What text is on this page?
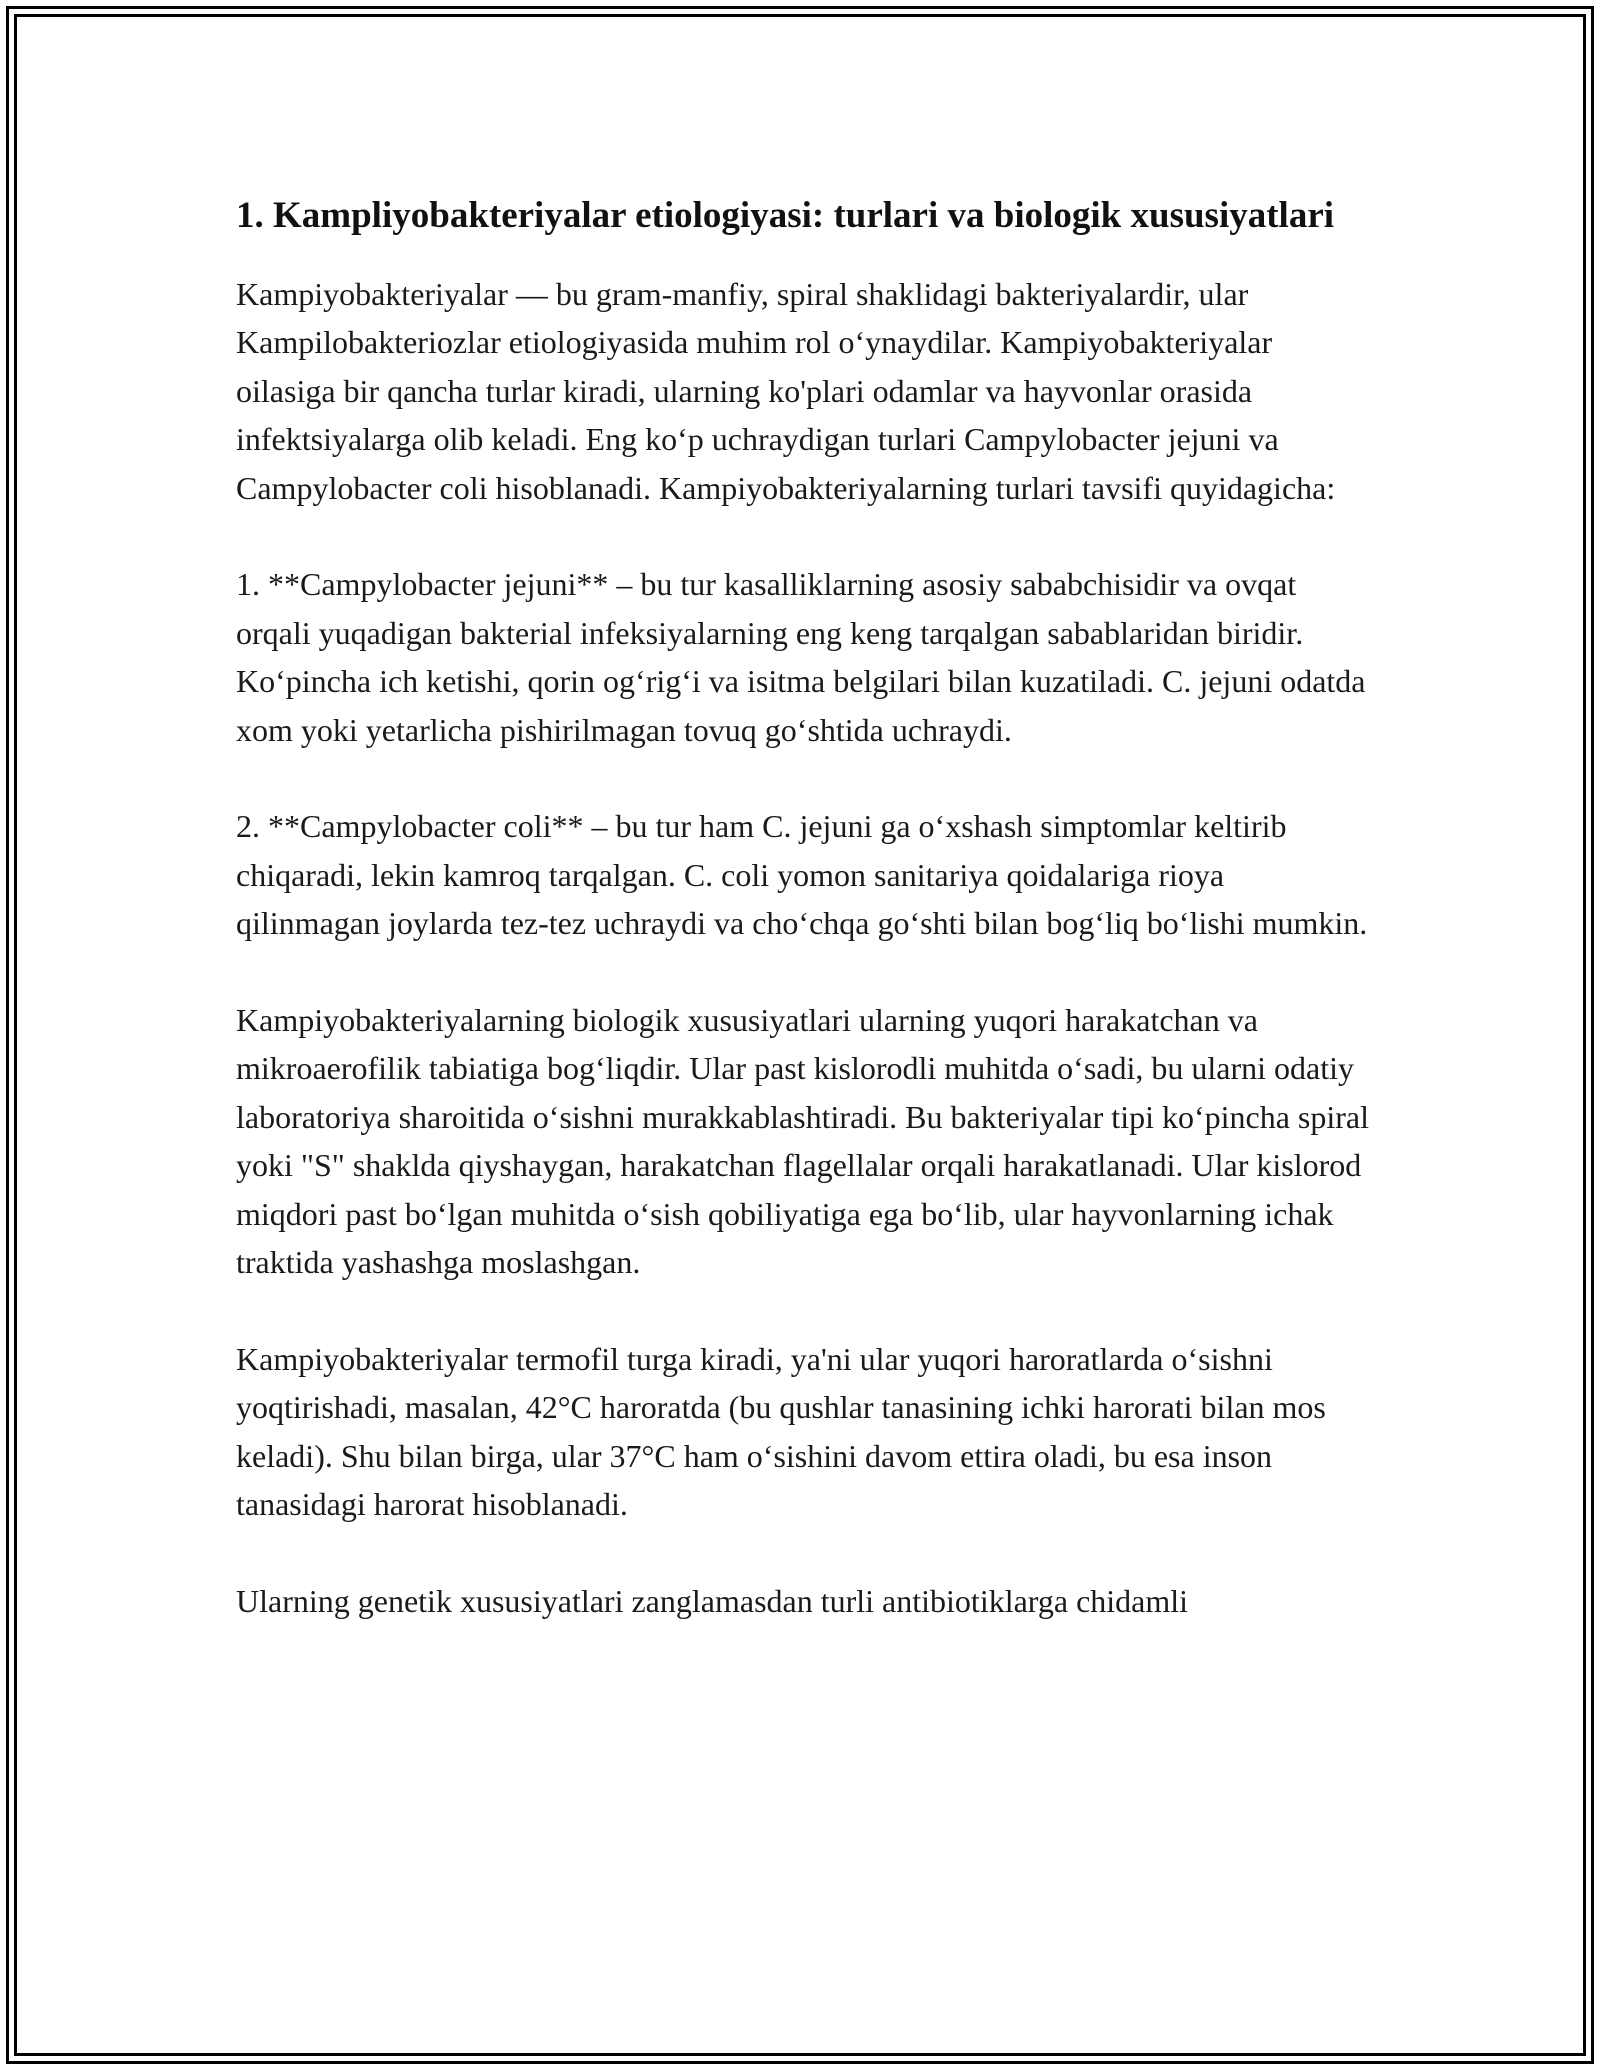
1. Kampliyobakteriyalar etiologiyasi: turlari va biologik xususiyatlari

Kampiyobakteriyalar — bu gram-manfiy, spiral shaklidagi bakteriyalardir, ular Kampilobakteriozlar etiologiyasida muhim rol o‘ynaydilar. Kampiyobakteriyalar oilasiga bir qancha turlar kiradi, ularning ko'plari odamlar va hayvonlar orasida infektsiyalarga olib keladi. Eng ko‘p uchraydigan turlari Campylobacter jejuni va Campylobacter coli hisoblanadi. Kampiyobakteriyalarning turlari tavsifi quyidagicha:

1. **Campylobacter jejuni** – bu tur kasalliklarning asosiy sababchisidir va ovqat orqali yuqadigan bakterial infeksiyalarning eng keng tarqalgan sabablaridan biridir. Ko‘pincha ich ketishi, qorin og‘rig‘i va isitma belgilari bilan kuzatiladi. C. jejuni odatda xom yoki yetarlicha pishirilmagan tovuq go‘shtida uchraydi.

2. **Campylobacter coli** – bu tur ham C. jejuni ga o‘xshash simptomlar keltirib chiqaradi, lekin kamroq tarqalgan. C. coli yomon sanitariya qoidalariga rioya qilinmagan joylarda tez-tez uchraydi va cho‘chqa go‘shti bilan bog‘liq bo‘lishi mumkin.

Kampiyobakteriyalarning biologik xususiyatlari ularning yuqori harakatchan va mikroaerofilik tabiatiga bog‘liqdir. Ular past kislorodli muhitda o‘sadi, bu ularni odatiy laboratoriya sharoitida o‘sishni murakkablashtiradi. Bu bakteriyalar tipi ko‘pincha spiral yoki "S" shaklda qiyshaygan, harakatchan flagellalar orqali harakatlanadi. Ular kislorod miqdori past bo‘lgan muhitda o‘sish qobiliyatiga ega bo‘lib, ular hayvonlarning ichak traktida yashashga moslashgan.

Kampiyobakteriyalar termofil turga kiradi, ya'ni ular yuqori haroratlarda o‘sishni yoqtirishadi, masalan, 42°C haroratda (bu qushlar tanasining ichki harorati bilan mos keladi). Shu bilan birga, ular 37°C ham o‘sishini davom ettira oladi, bu esa inson tanasidagi harorat hisoblanadi.

Ularning genetik xususiyatlari zanglamasdan turli antibiotiklarga chidamli
